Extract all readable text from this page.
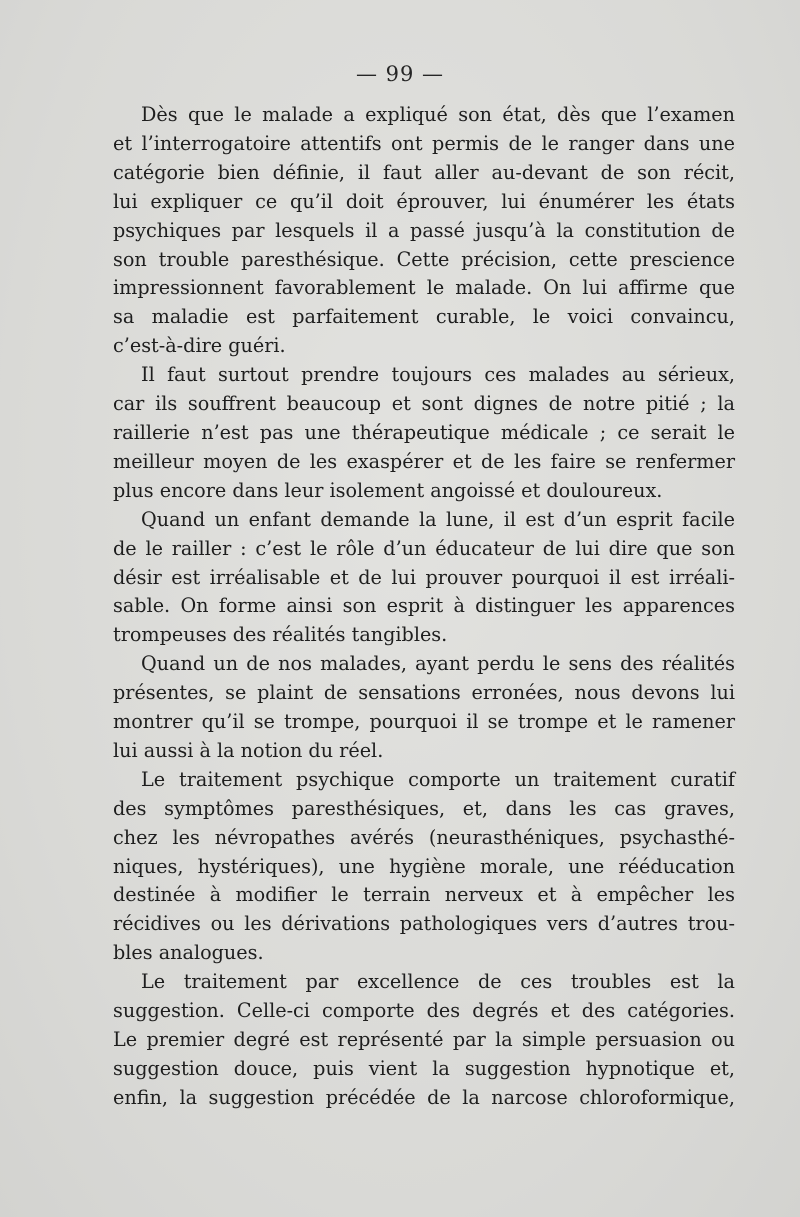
— 99 —
Dès que le malade a expliqué son état, dès que l’examen
et l’interrogatoire attentifs ont permis de le ranger dans une
catégorie bien définie, il faut aller au-devant de son récit,
lui expliquer ce qu’il doit éprouver, lui énumérer les états
psychiques par lesquels il a passé jusqu’à la constitution de
son trouble paresthésique. Cette précision, cette prescience
impressionnent favorablement le malade. On lui affirme que
sa maladie est parfaitement curable, le voici convaincu,
c’est-à-dire guéri.
Il faut surtout prendre toujours ces malades au sérieux,
car ils souffrent beaucoup et sont dignes de notre pitié ; la
raillerie n’est pas une thérapeutique médicale ; ce serait le
meilleur moyen de les exaspérer et de les faire se renfermer
plus encore dans leur isolement angoissé et douloureux.
Quand un enfant demande la lune, il est d’un esprit facile
de le railler : c’est le rôle d’un éducateur de lui dire que son
désir est irréalisable et de lui prouver pourquoi il est irréali-
sable. On forme ainsi son esprit à distinguer les apparences
trompeuses des réalités tangibles.
Quand un de nos malades, ayant perdu le sens des réalités
présentes, se plaint de sensations erronées, nous devons lui
montrer qu’il se trompe, pourquoi il se trompe et le ramener
lui aussi à la notion du réel.
Le traitement psychique comporte un traitement curatif
des symptômes paresthésiques, et, dans les cas graves,
chez les névropathes avérés (neurasthéniques, psychasthé-
niques, hystériques), une hygiène morale, une rééducation
destinée à modifier le terrain nerveux et à empêcher les
récidives ou les dérivations pathologiques vers d’autres trou-
bles analogues.
Le traitement par excellence de ces troubles est la
suggestion. Celle-ci comporte des degrés et des catégories.
Le premier degré est représenté par la simple persuasion ou
suggestion douce, puis vient la suggestion hypnotique et,
enfin, la suggestion précédée de la narcose chloroformique,
